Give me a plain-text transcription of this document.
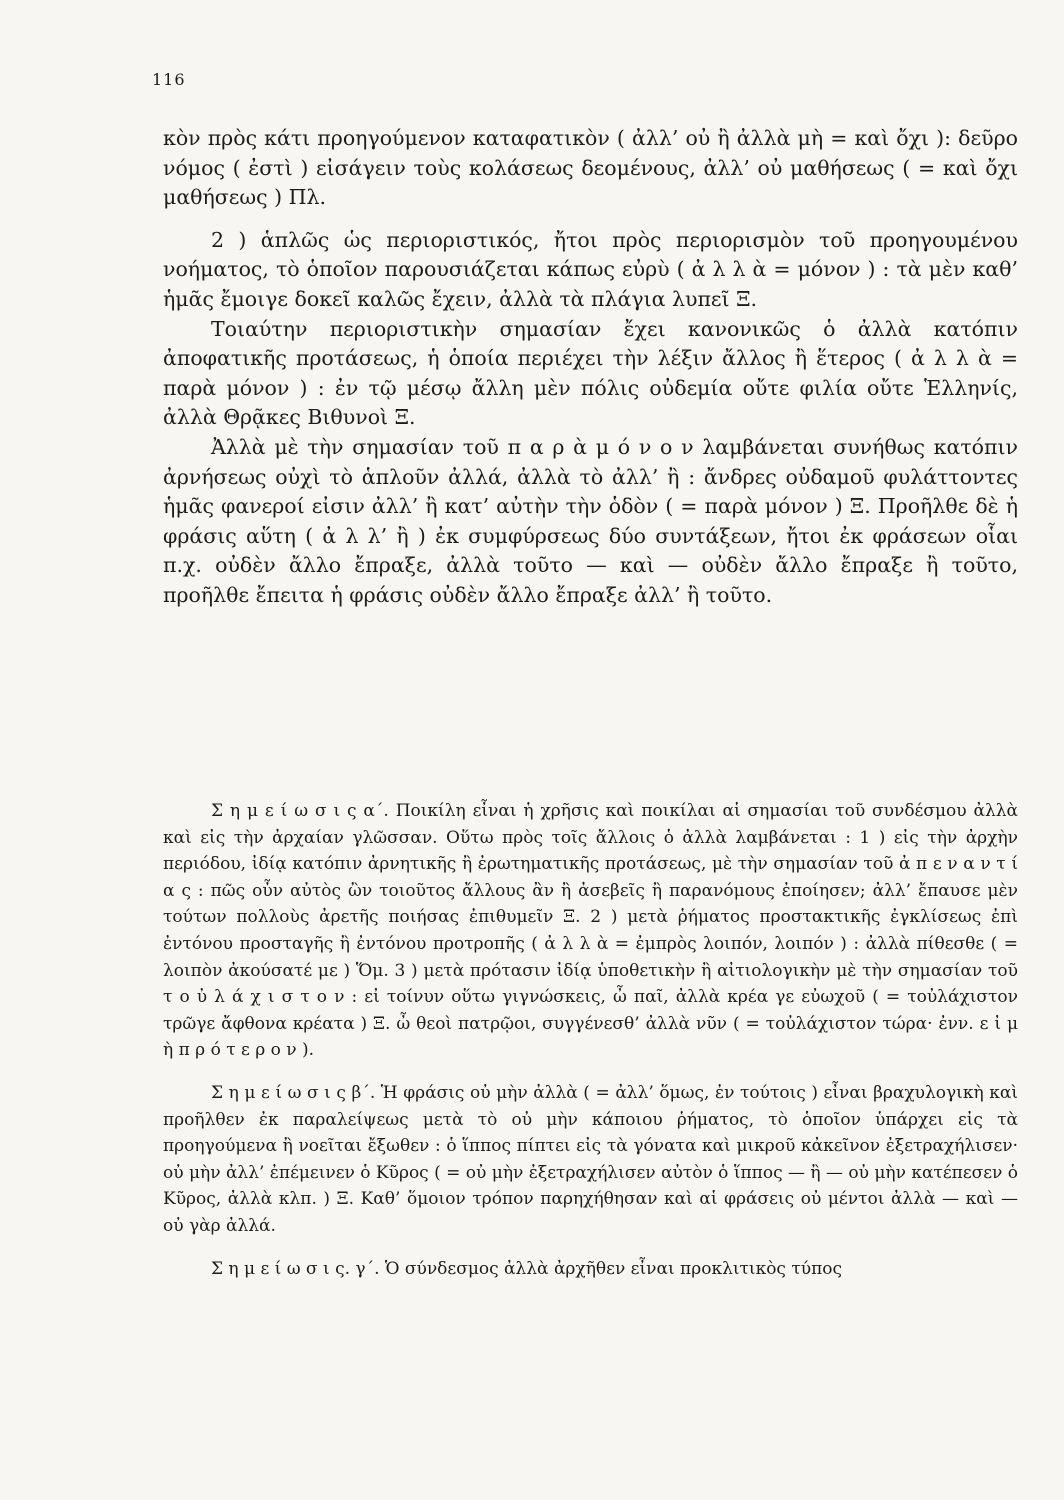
116

κὸν πρὸς κάτι προηγούμενον καταφατικὸν ( ἀλλ’ οὐ ἢ ἀλλὰ μὴ = καὶ ὄχι ): δεῦρο νόμος ( ἐστὶ ) εἰσάγειν τοὺς κολάσεως δεομένους, ἀλλ’ οὐ μαθήσεως ( = καὶ ὄχι μαθήσεως ) Πλ.

2 ) ἁπλῶς ὡς περιοριστικός, ἤτοι πρὸς περιορισμὸν τοῦ προηγουμένου νοήματος, τὸ ὁποῖον παρουσιάζεται κάπως εὐρὺ ( ἀ λ λ ὰ = μόνον ) : τὰ μὲν καθ’ ἡμᾶς ἔμοιγε δοκεῖ καλῶς ἔχειν, ἀλλὰ τὰ πλάγια λυπεῖ Ξ.

Τοιαύτην περιοριστικὴν σημασίαν ἔχει κανονικῶς ὁ ἀλλὰ κατόπιν ἀποφατικῆς προτάσεως, ἡ ὁποία περιέχει τὴν λέξιν ἄλλος ἢ ἕτερος ( ἀ λ λ ὰ = παρὰ μόνον ) : ἐν τῷ μέσῳ ἄλλη μὲν πόλις οὐδεμία οὔτε φιλία οὔτε Ἑλληνίς, ἀλλὰ Θρᾷκες Βιθυνοὶ Ξ.

Ἀλλὰ μὲ τὴν σημασίαν τοῦ π α ρ ὰ μ ό ν ο ν λαμβάνεται συνήθως κατόπιν ἀρνήσεως οὐχὶ τὸ ἁπλοῦν ἀλλά, ἀλλὰ τὸ ἀλλ’ ἢ : ἄνδρες οὐδαμοῦ φυλάττοντες ἡμᾶς φανεροί εἰσιν ἀλλ’ ἢ κατ’ αὐτὴν τὴν ὁδὸν ( = παρὰ μόνον ) Ξ. Προῆλθε δὲ ἡ φράσις αὕτη ( ἀ λ λ’ ἢ ) ἐκ συμφύρσεως δύο συντάξεων, ἤτοι ἐκ φράσεων οἷαι π.χ. οὐδὲν ἄλλο ἔπραξε, ἀλλὰ τοῦτο — καὶ — οὐδὲν ἄλλο ἔπραξε ἢ τοῦτο, προῆλθε ἔπειτα ἡ φράσις οὐδὲν ἄλλο ἔπραξε ἀλλ’ ἢ τοῦτο.

Σ η μ ε ί ω σ ι ς α΄. Ποικίλη εἶναι ἡ χρῆσις καὶ ποικίλαι αἱ σημασίαι τοῦ συνδέσμου ἀλλὰ καὶ εἰς τὴν ἀρχαίαν γλῶσσαν. Οὕτω πρὸς τοῖς ἄλλοις ὁ ἀλλὰ λαμβάνεται : 1 ) εἰς τὴν ἀρχὴν περιόδου, ἰδίᾳ κατόπιν ἀρνητικῆς ἢ ἐρωτηματικῆς προτάσεως, μὲ τὴν σημασίαν τοῦ ἀ π ε ν α ν τ ί α ς : πῶς οὖν αὐτὸς ὢν τοιοῦτος ἄλλους ἂν ἢ ἀσεβεῖς ἢ παρανόμους ἐποίησεν; ἀλλ’ ἔπαυσε μὲν τούτων πολλοὺς ἀρετῆς ποιήσας ἐπιθυμεῖν Ξ. 2 ) μετὰ ῥήματος προστακτικῆς ἐγκλίσεως ἐπὶ ἐντόνου προσταγῆς ἢ ἐντόνου προτροπῆς ( ἀ λ λ ὰ = ἐμπρὸς λοιπόν, λοιπόν ) : ἀλλὰ πίθεσθε ( = λοιπὸν ἀκούσατέ με ) Ὅμ. 3 ) μετὰ πρότασιν ἰδίᾳ ὑποθετικὴν ἢ αἰτιολογικὴν μὲ τὴν σημασίαν τοῦ τ ο ὐ λ ά χ ι σ τ ο ν : εἰ τοίνυν οὕτω γιγνώσκεις, ὦ παῖ, ἀλλὰ κρέα γε εὐωχοῦ ( = τοὐλάχιστον τρῶγε ἄφθονα κρέατα ) Ξ. ὦ θεοὶ πατρῷοι, συγγένεσθ’ ἀλλὰ νῦν ( = τοὐλάχιστον τώρα· ἐνν. ε ἰ μ ὴ π ρ ό τ ε ρ ο ν ).

Σ η μ ε ί ω σ ι ς β΄. Ἡ φράσις οὐ μὴν ἀλλὰ ( = ἀλλ’ ὅμως, ἐν τούτοις ) εἶναι βραχυλογικὴ καὶ προῆλθεν ἐκ παραλείψεως μετὰ τὸ οὐ μὴν κάποιου ῥήματος, τὸ ὁποῖον ὑπάρχει εἰς τὰ προηγούμενα ἢ νοεῖται ἔξωθεν : ὁ ἵππος πίπτει εἰς τὰ γόνατα καὶ μικροῦ κἀκεῖνον ἐξετραχήλισεν· οὐ μὴν ἀλλ’ ἐπέμεινεν ὁ Κῦρος ( = οὐ μὴν ἐξετραχήλισεν αὐτὸν ὁ ἵππος — ἢ — οὐ μὴν κατέπεσεν ὁ Κῦρος, ἀλλὰ κλπ. ) Ξ. Καθ’ ὅμοιον τρόπον παρηχήθησαν καὶ αἱ φράσεις οὐ μέντοι ἀλλὰ — καὶ — οὐ γὰρ ἀλλά.

Σ η μ ε ί ω σ ι ς. γ΄. Ὁ σύνδεσμος ἀλλὰ ἀρχῆθεν εἶναι προκλιτικὸς τύπος
